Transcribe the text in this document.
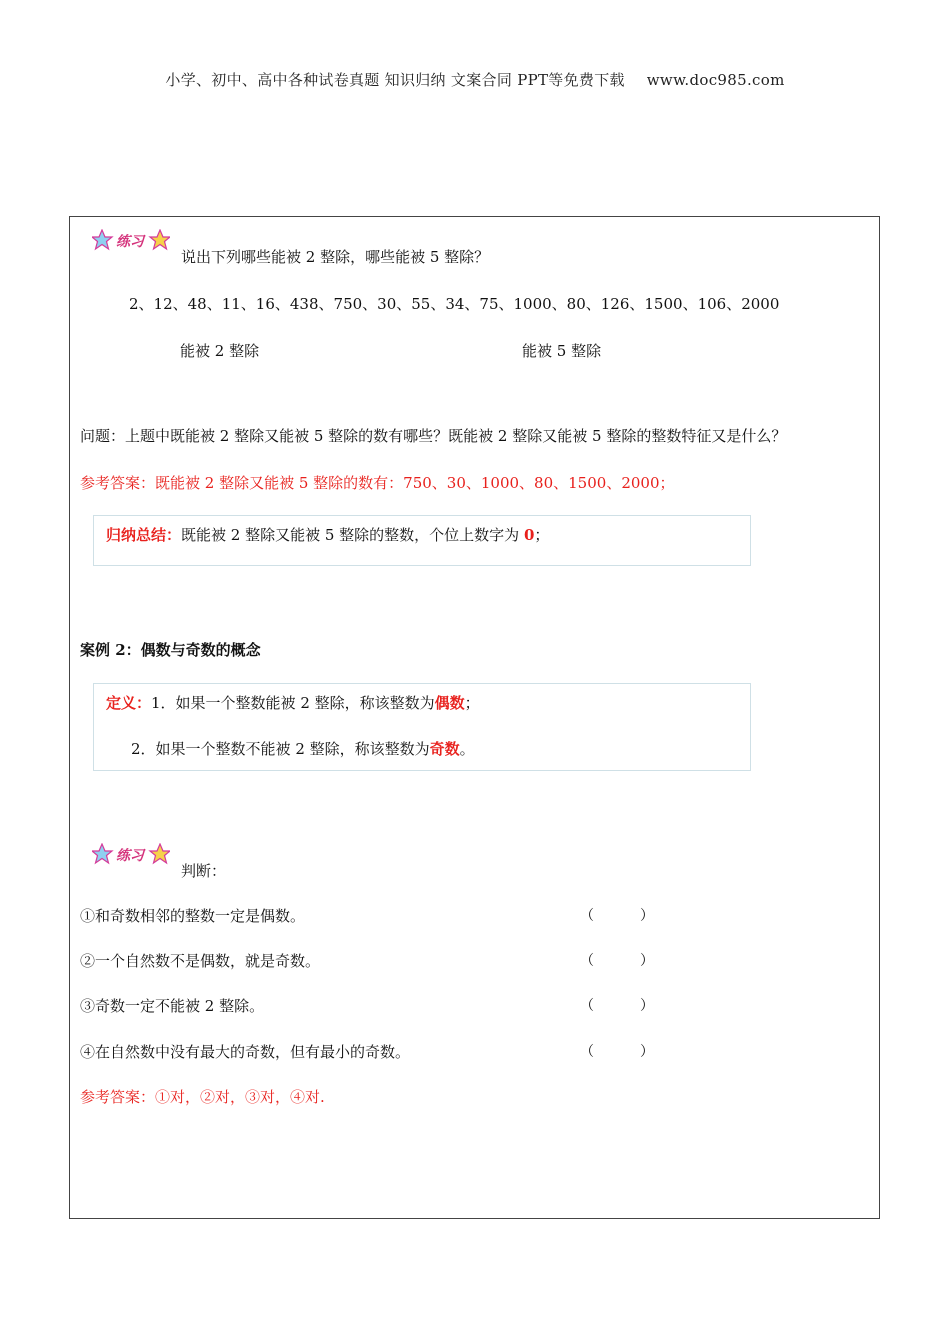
小学、初中、高中各种试卷真题 知识归纳 文案合同 PPT等免费下载 www.doc985.com
练习
说出下列哪些能被 2 整除，哪些能被 5 整除？
2、12、48、11、16、438、750、30、55、34、75、1000、80、126、1500、106、2000
能被 2 整除	能被 5 整除
问题：上题中既能被 2 整除又能被 5 整除的数有哪些？既能被 2 整除又能被 5 整除的整数特征又是什么？
参考答案：既能被 2 整除又能被 5 整除的数有：750、30、1000、80、1500、2000；
归纳总结：既能被 2 整除又能被 5 整除的整数，个位上数字为 0；
案例 2：偶数与奇数的概念
定义：1．如果一个整数能被 2 整除，称该整数为偶数；
2．如果一个整数不能被 2 整除，称该整数为奇数。
练习
判断：
①和奇数相邻的整数一定是偶数。	（	）
②一个自然数不是偶数，就是奇数。	（	）
③奇数一定不能被 2 整除。	（	）
④在自然数中没有最大的奇数，但有最小的奇数。	（	）
参考答案：①对，②对，③对，④对.
